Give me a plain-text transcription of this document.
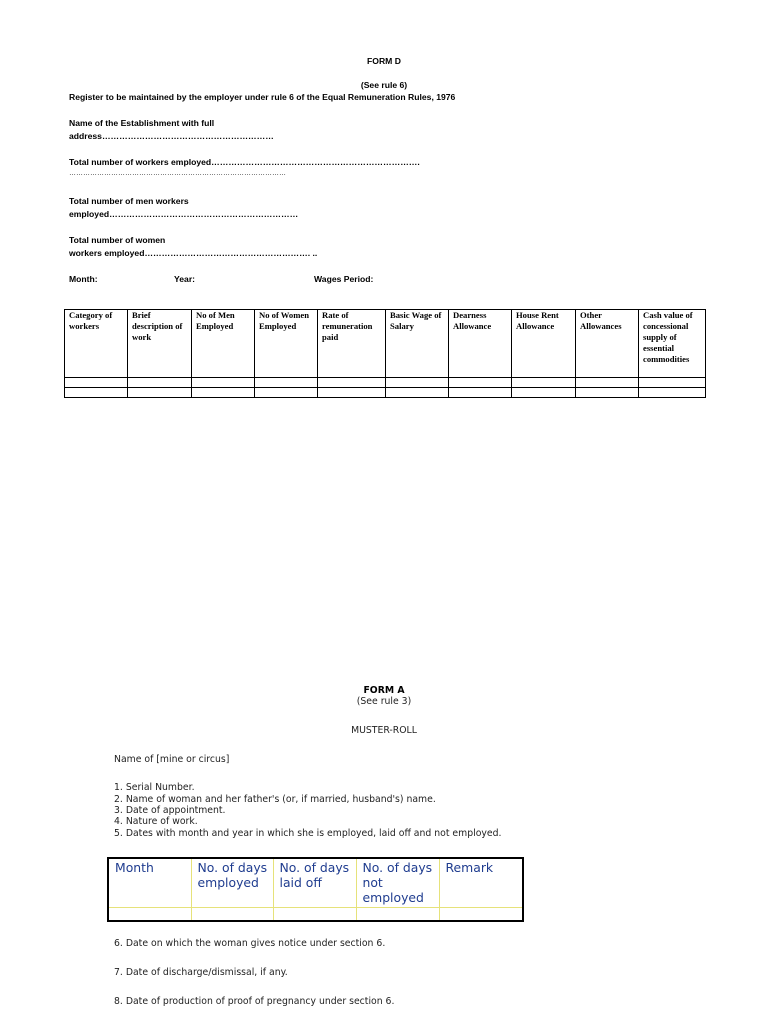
FORM D
(See rule 6)
Register to be maintained by the employer under rule 6 of the Equal Remuneration Rules, 1976
Name of the Establishment with full
address……………………………………………………
Total number of workers employed……………………………………………………………….
…………………………………………………………………………………
Total number of men workers
employed…………………………………………………………
Total number of women
workers employed…………………………………………………. ..
Month:	Year:	Wages Period:
Category of workers	Brief description of work	No of Men Employed	No of Women Employed	Rate of remuneration paid	Basic Wage of Salary	Dearness Allowance	House Rent Allowance	Other Allowances	Cash value of concessional supply of essential commodities

FORM A
(See rule 3)
MUSTER-ROLL
Name of [mine or circus]
1. Serial Number.
2. Name of woman and her father's (or, if married, husband's) name.
3. Date of appointment.
4. Nature of work.
5. Dates with month and year in which she is employed, laid off and not employed.
Month	No. of days employed	No. of days laid off	No. of days not employed	Remark

6. Date on which the woman gives notice under section 6.
7. Date of discharge/dismissal, if any.
8. Date of production of proof of pregnancy under section 6.
